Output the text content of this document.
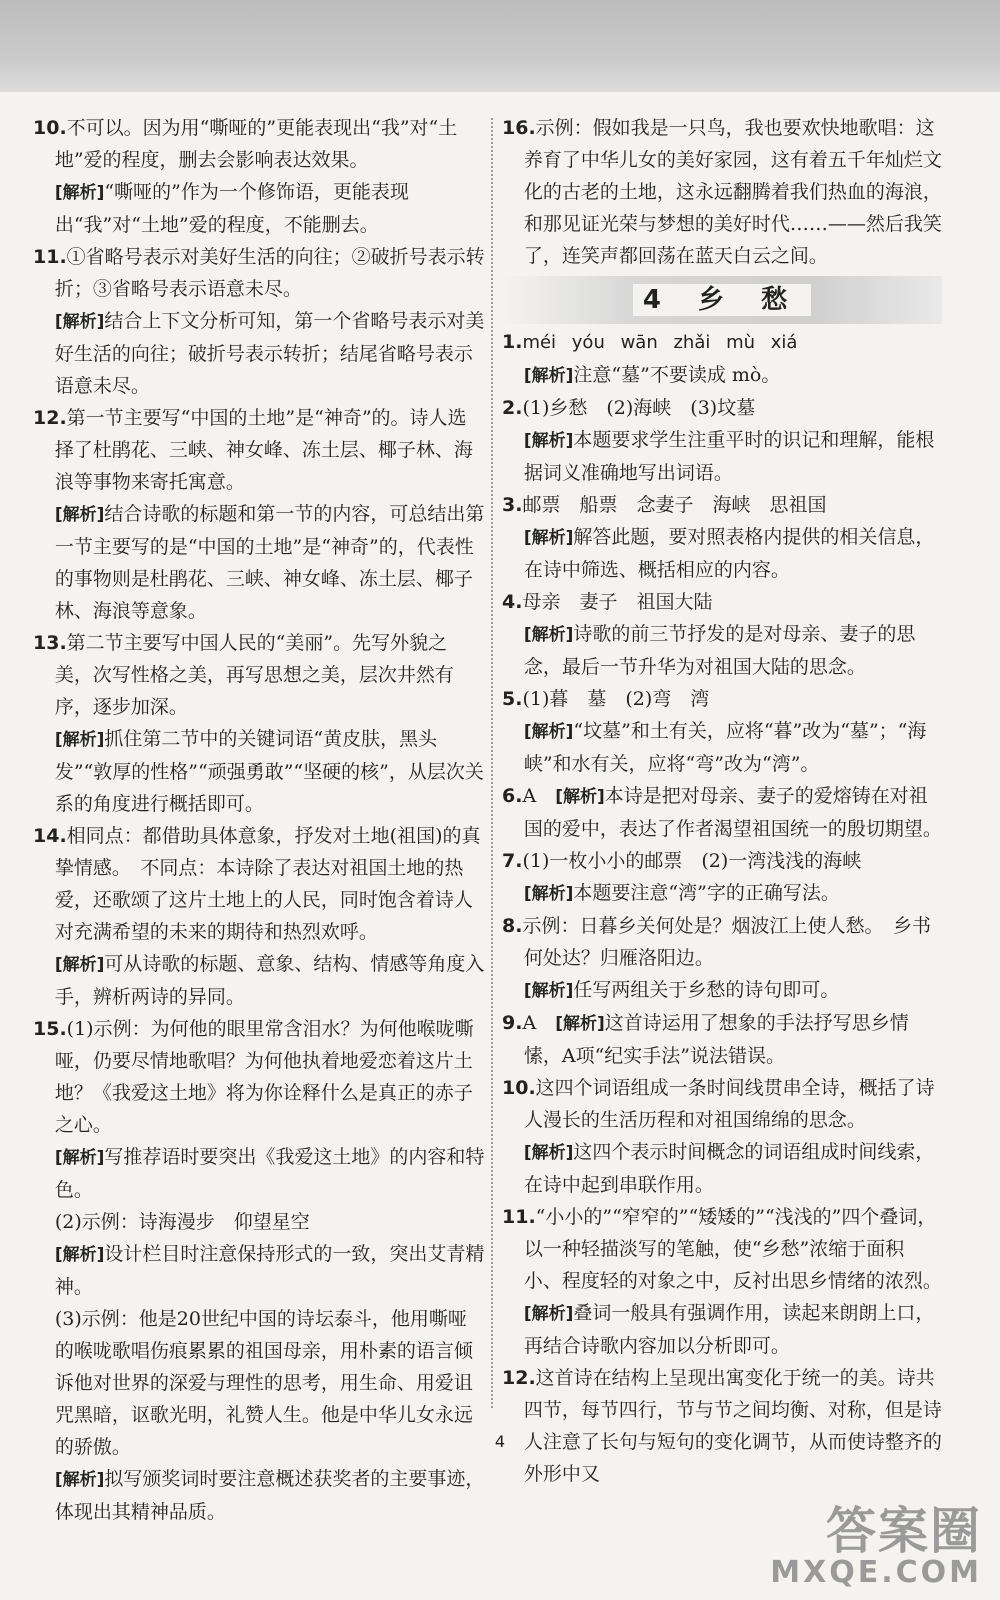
10.不可以。因为用“嘶哑的”更能表现出“我”对“土地”爱的程度，删去会影响表达效果。
[解析]“嘶哑的”作为一个修饰语，更能表现出“我”对“土地”爱的程度，不能删去。
11.①省略号表示对美好生活的向往；②破折号表示转折；③省略号表示语意未尽。
[解析]结合上下文分析可知，第一个省略号表示对美好生活的向往；破折号表示转折；结尾省略号表示语意未尽。
12.第一节主要写“中国的土地”是“神奇”的。诗人选择了杜鹃花、三峡、神女峰、冻土层、椰子林、海浪等事物来寄托寓意。
[解析]结合诗歌的标题和第一节的内容，可总结出第一节主要写的是“中国的土地”是“神奇”的，代表性的事物则是杜鹃花、三峡、神女峰、冻土层、椰子林、海浪等意象。
13.第二节主要写中国人民的“美丽”。先写外貌之美，次写性格之美，再写思想之美，层次井然有序，逐步加深。
[解析]抓住第二节中的关键词语“黄皮肤，黑头发”“敦厚的性格”“顽强勇敢”“坚硬的核”，从层次关系的角度进行概括即可。
14.相同点：都借助具体意象，抒发对土地(祖国)的真挚情感。　不同点：本诗除了表达对祖国土地的热爱，还歌颂了这片土地上的人民，同时饱含着诗人对充满希望的未来的期待和热烈欢呼。
[解析]可从诗歌的标题、意象、结构、情感等角度入手，辨析两诗的异同。
15.(1)示例：为何他的眼里常含泪水？为何他喉咙嘶哑，仍要尽情地歌唱？为何他执着地爱恋着这片土地？《我爱这土地》将为你诠释什么是真正的赤子之心。
[解析]写推荐语时要突出《我爱这土地》的内容和特色。
(2)示例：诗海漫步　仰望星空
[解析]设计栏目时注意保持形式的一致，突出艾青精神。
(3)示例：他是20世纪中国的诗坛泰斗，他用嘶哑的喉咙歌唱伤痕累累的祖国母亲，用朴素的语言倾诉他对世界的深爱与理性的思考，用生命、用爱诅咒黑暗，讴歌光明，礼赞人生。他是中华儿女永远的骄傲。
[解析]拟写颁奖词时要注意概述获奖者的主要事迹，体现出其精神品质。
16.示例：假如我是一只鸟，我也要欢快地歌唱：这养育了中华儿女的美好家园，这有着五千年灿烂文化的古老的土地，这永远翻腾着我们热血的海浪，和那见证光荣与梦想的美好时代……——然后我笑了，连笑声都回荡在蓝天白云之间。
4 乡 愁
1.méi yóu wān zhǎi mù xiá
[解析]注意“墓”不要读成 mò。
2.(1)乡愁　(2)海峡　(3)坟墓
[解析]本题要求学生注重平时的识记和理解，能根据词义准确地写出词语。
3.邮票　船票　念妻子　海峡　思祖国
[解析]解答此题，要对照表格内提供的相关信息，在诗中筛选、概括相应的内容。
4.母亲　妻子　祖国大陆
[解析]诗歌的前三节抒发的是对母亲、妻子的思念，最后一节升华为对祖国大陆的思念。
5.(1)暮　墓　(2)弯　湾
[解析]“坟墓”和土有关，应将“暮”改为“墓”；“海峡”和水有关，应将“弯”改为“湾”。
6.A　[解析]本诗是把对母亲、妻子的爱熔铸在对祖国的爱中，表达了作者渴望祖国统一的殷切期望。
7.(1)一枚小小的邮票　(2)一湾浅浅的海峡
[解析]本题要注意“湾”字的正确写法。
8.示例：日暮乡关何处是？烟波江上使人愁。　乡书何处达？归雁洛阳边。
[解析]任写两组关于乡愁的诗句即可。
9.A　[解析]这首诗运用了想象的手法抒写思乡情愫，A项“纪实手法”说法错误。
10.这四个词语组成一条时间线贯串全诗，概括了诗人漫长的生活历程和对祖国绵绵的思念。
[解析]这四个表示时间概念的词语组成时间线索，在诗中起到串联作用。
11.“小小的”“窄窄的”“矮矮的”“浅浅的”四个叠词，以一种轻描淡写的笔触，使“乡愁”浓缩于面积小、程度轻的对象之中，反衬出思乡情绪的浓烈。
[解析]叠词一般具有强调作用，读起来朗朗上口，再结合诗歌内容加以分析即可。
12.这首诗在结构上呈现出寓变化于统一的美。诗共四节，每节四行，节与节之间均衡、对称，但是诗人注意了长句与短句的变化调节，从而使诗整齐的外形中又
4
答案圈
MXQE.COM
